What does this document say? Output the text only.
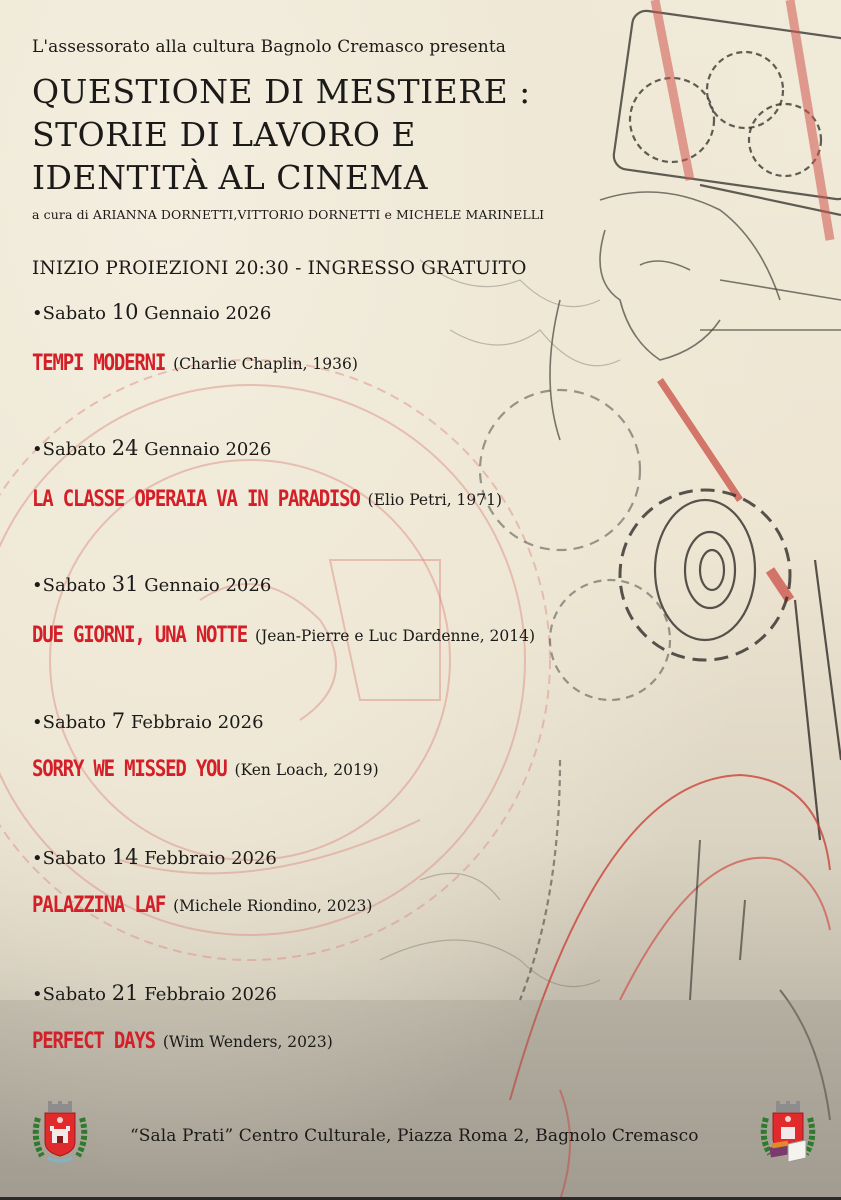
L'assessorato alla cultura Bagnolo Cremasco presenta
QUESTIONE DI MESTIERE :
STORIE DI LAVORO E
IDENTITÀ AL CINEMA
a cura di ARIANNA DORNETTI,VITTORIO DORNETTI e MICHELE MARINELLI
INIZIO PROIEZIONI 20:30 - INGRESSO GRATUITO
•Sabato 10 Gennaio 2026
TEMPI MODERNI (Charlie Chaplin, 1936)
•Sabato 24 Gennaio 2026
LA CLASSE OPERAIA VA IN PARADISO (Elio Petri, 1971)
•Sabato 31 Gennaio 2026
DUE GIORNI, UNA NOTTE (Jean-Pierre e Luc Dardenne, 2014)
•Sabato 7 Febbraio 2026
SORRY WE MISSED YOU (Ken Loach, 2019)
•Sabato 14 Febbraio 2026
PALAZZINA LAF (Michele Riondino, 2023)
•Sabato 21 Febbraio 2026
PERFECT DAYS (Wim Wenders, 2023)
“Sala Prati” Centro Culturale, Piazza Roma 2, Bagnolo Cremasco
